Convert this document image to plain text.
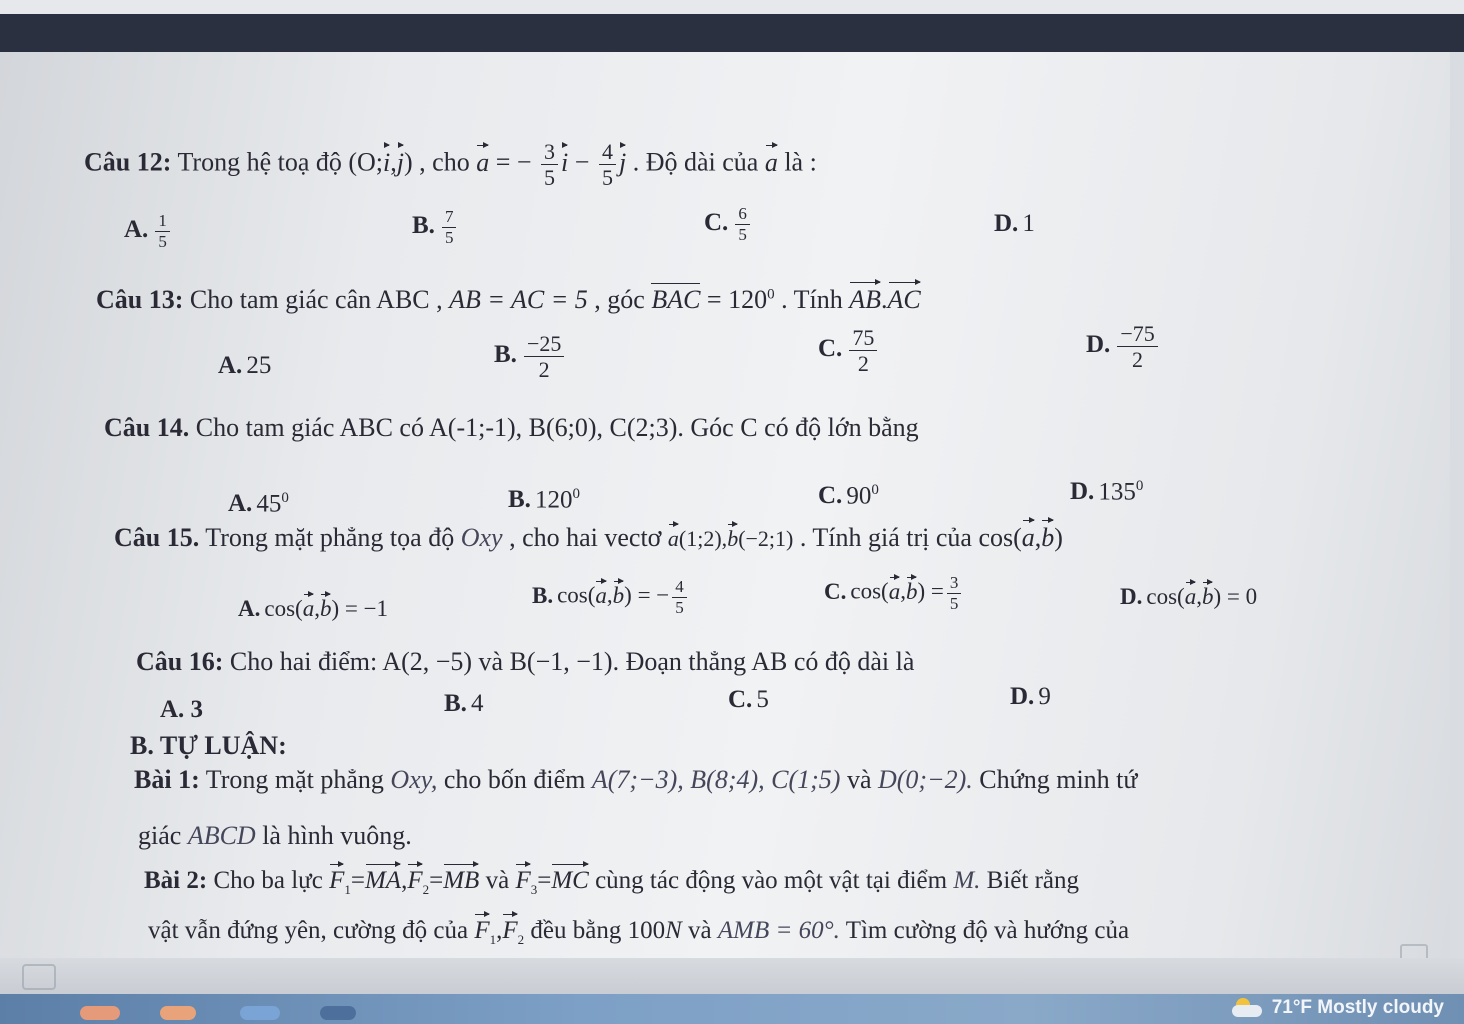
Câu 12: Trong hệ toạ độ (O;i,j) , cho a = − $\frac{3}{5}$ $i - \frac{4}{5}$ j . Độ dài của a là :
A. $\frac{1}{5}$	B. $\frac{7}{5}$	C. $\frac{6}{5}$	D. 1
Câu 13: Cho tam giác cân ABC , AB = AC = 5 , góc BAC = $120^0$ . Tính AB.AC
A. 25	B. $\frac{-25}{2}$	C. $\frac{75}{2}$	D. $\frac{-75}{2}$
Câu 14. Cho tam giác ABC có A(-1;-1), B(6;0), C(2;3). Góc C có độ lớn bằng
A. $45^0$	B. $120^0$	C. $90^0$	D. $135^0$
Câu 15. Trong mặt phẳng tọa độ Oxy , cho hai vectơ a(1;2),b(−2;1) . Tính giá trị của cos(a,b)
A. cos(a,b) = −1
B. cos(a,b) = − $\frac{4}{5}$	C. $\cos(a,b) = \frac{3}{5}$	D. cos(a,b) = 0
Câu 16: Cho hai điểm: A(2, −5) và B(−1, −1). Đoạn thẳng AB có độ dài là
A. 3	B. 4	C. 5	D. 9
B. TỰ LUẬN:
Bài 1: Trong mặt phẳng Oxy, cho bốn điểm A(7;−3), B(8;4), C(1;5) và D(0;−2). Chứng minh tứ
giác ABCD là hình vuông.
Bài 2: Cho ba lực $F_1=MA,F_2=MB$ và $F_3=MC$ cùng tác động vào một vật tại điểm M. Biết rằng
vật vẫn đứng yên, cường độ của $F_1,F_2$ đều bằng 100N và AMB = 60°. Tìm cường độ và hướng của
71°F Mostly cloudy
